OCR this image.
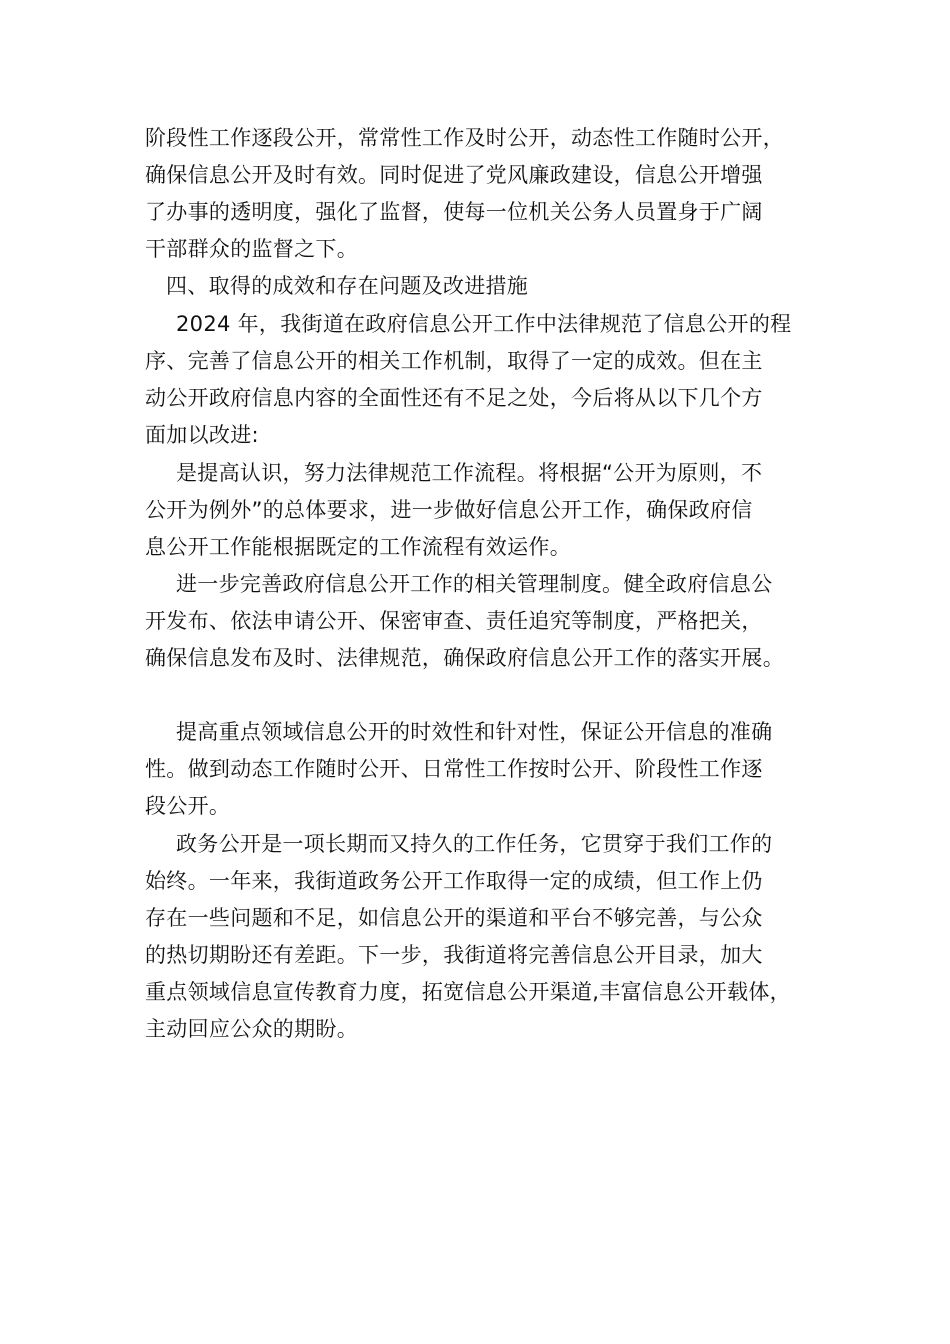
阶段性工作逐段公开，常常性工作及时公开，动态性工作随时公开，
确保信息公开及时有效。同时促进了党风廉政建设，信息公开增强
了办事的透明度，强化了监督，使每一位机关公务人员置身于广阔
干部群众的监督之下。
四、取得的成效和存在问题及改进措施
2024 年，我街道在政府信息公开工作中法律规范了信息公开的程
序、完善了信息公开的相关工作机制，取得了一定的成效。但在主
动公开政府信息内容的全面性还有不足之处，今后将从以下几个方
面加以改进:
是提高认识，努力法律规范工作流程。将根据“公开为原则，不
公开为例外”的总体要求，进一步做好信息公开工作，确保政府信
息公开工作能根据既定的工作流程有效运作。
进一步完善政府信息公开工作的相关管理制度。健全政府信息公
开发布、依法申请公开、保密审查、责任追究等制度，严格把关，
确保信息发布及时、法律规范，确保政府信息公开工作的落实开展。
提高重点领域信息公开的时效性和针对性，保证公开信息的准确
性。做到动态工作随时公开、日常性工作按时公开、阶段性工作逐
段公开。
政务公开是一项长期而又持久的工作任务，它贯穿于我们工作的
始终。一年来，我街道政务公开工作取得一定的成绩，但工作上仍
存在一些问题和不足，如信息公开的渠道和平台不够完善，与公众
的热切期盼还有差距。下一步，我街道将完善信息公开目录，加大
重点领域信息宣传教育力度，拓宽信息公开渠道,丰富信息公开载体，
主动回应公众的期盼。
